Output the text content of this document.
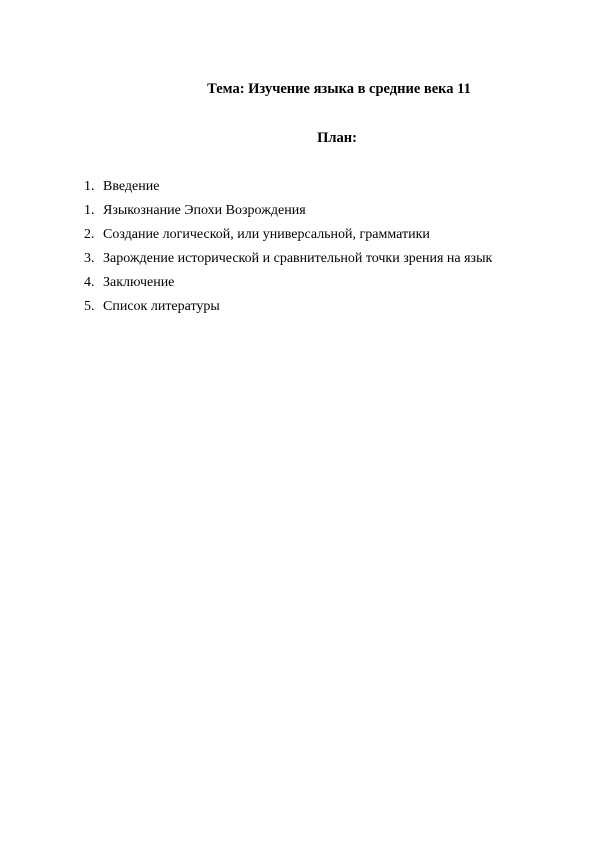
Тема: Изучение языка в средние века 11
План:
1. Введение
1. Языкознание Эпохи Возрождения
2. Создание логической, или универсальной, грамматики
3. Зарождение исторической и сравнительной точки зрения на язык
4. Заключение
5. Список литературы
